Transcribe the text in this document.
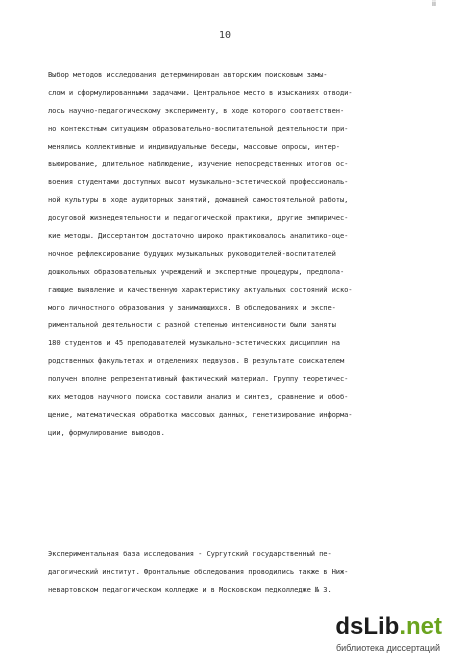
іі
10
Выбор методов исследования детерминирован авторским поисковым замы-
слом и сформулированными задачами. Центральное место в изысканиях отводи-
лось научно-педагогическому эксперименту, в ходе которого соответствен-
но контекстным ситуациям образовательно-воспитательной деятельности при-
менялись коллективные и индивидуальные беседы, массовые опросы, интер-
вьюирование, длительное наблюдение, изучение непосредственных итогов ос-
воения студентами доступных высот музыкально-эстетической профессиональ-
ной культуры в ходе аудиторных занятий, домашней самостоятельной работы,
досуговой жизнедеятельности и педагогической практики, другие эмпиричес-
кие методы. Диссертантом достаточно широко практиковалось аналитико-оце-
ночное рефлексирование будущих музыкальных руководителей-воспитателей
дошкольных образовательных учреждений и экспертные процедуры, предпола-
гающие выявление и качественную характеристику актуальных состояний иско-
мого личностного образования у занимающихся. В обследованиях и экспе-
риментальной деятельности с разной степенью интенсивности были заняты
180 студентов и 45 преподавателей музыкально-эстетических дисциплин на
родственных факультетах и отделениях педвузов. В результате соискателем
получен вполне репрезентативный фактический материал. Группу теоретичес-
ких методов научного поиска составили анализ и синтез, сравнение и обоб-
щение, математическая обработка массовых данных, генетизирование информа-
ции, формулирование выводов.
Экспериментальная база исследования - Сургутский государственный пе-
дагогический институт. Фронтальные обследования проводились также в Ниж-
невартовском педагогическом колледже и в Московском педколледже № 3.
dsLib.net
библиотека диссертаций
